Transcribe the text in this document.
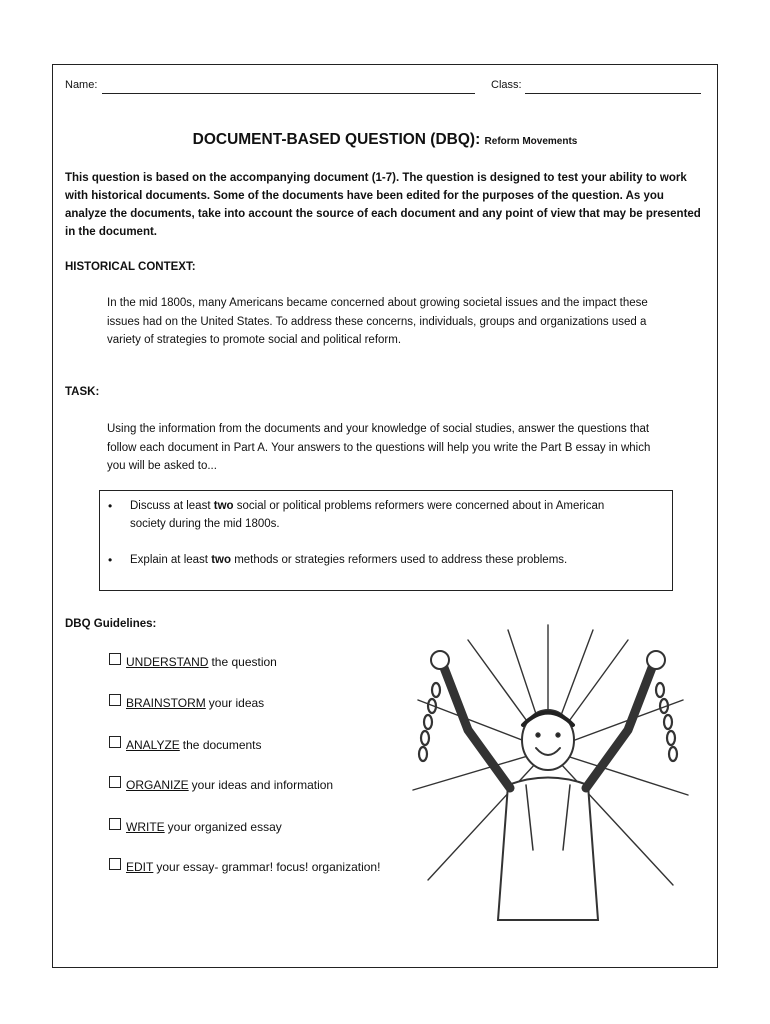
Name:	Class:
DOCUMENT-BASED QUESTION (DBQ): Reform Movements
This question is based on the accompanying document (1-7). The question is designed to test your ability to work with historical documents. Some of the documents have been edited for the purposes of the question. As you analyze the documents, take into account the source of each document and any point of view that may be presented in the document.
HISTORICAL CONTEXT:
In the mid 1800s, many Americans became concerned about growing societal issues and the impact these issues had on the United States. To address these concerns, individuals, groups and organizations used a variety of strategies to promote social and political reform.
TASK:
Using the information from the documents and your knowledge of social studies, answer the questions that follow each document in Part A. Your answers to the questions will help you write the Part B essay in which you will be asked to...
• Discuss at least two social or political problems reformers were concerned about in American society during the mid 1800s.
• Explain at least two methods or strategies reformers used to address these problems.
DBQ Guidelines:
UNDERSTAND the question
BRAINSTORM your ideas
ANALYZE the documents
ORGANIZE your ideas and information
WRITE your organized essay
EDIT your essay- grammar! focus! organization!
